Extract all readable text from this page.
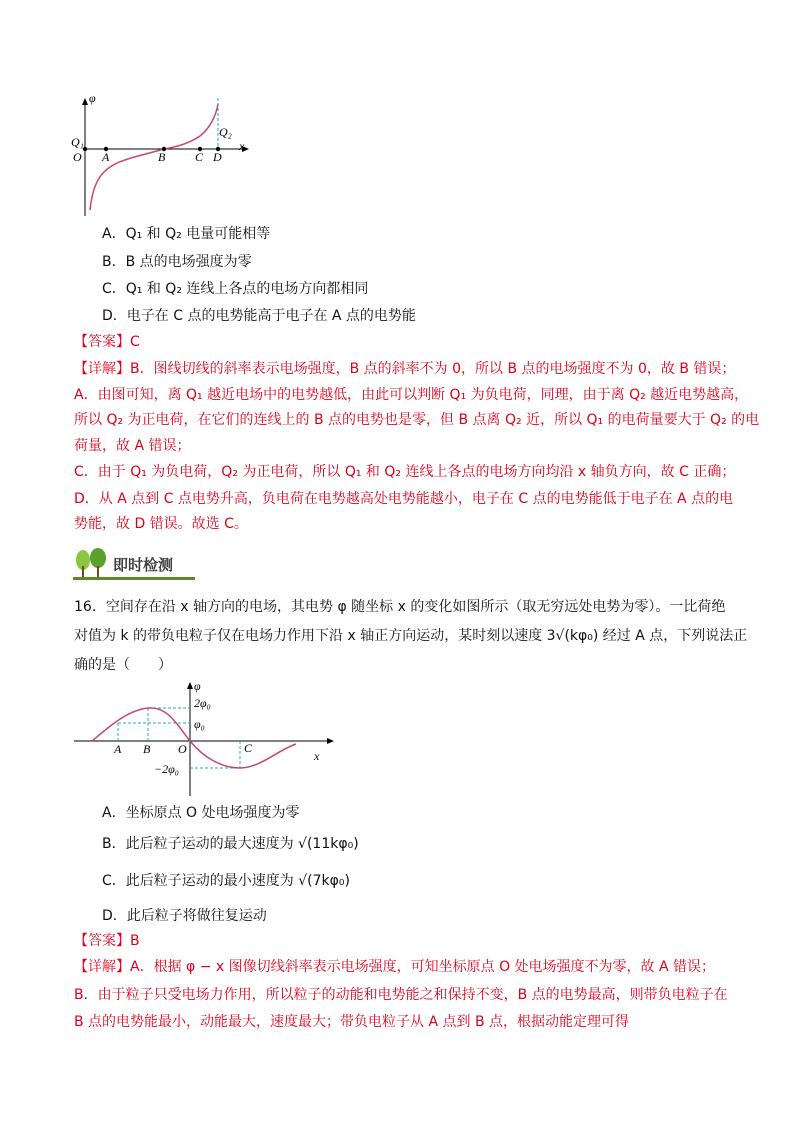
φ
Q₁
O A	B C D
Q₂
x
A．Q₁ 和 Q₂ 电量可能相等
B．B 点的电场强度为零
C．Q₁ 和 Q₂ 连线上各点的电场方向都相同
D．电子在 C 点的电势能高于电子在 A 点的电势能
【答案】C
【详解】B．图线切线的斜率表示电场强度，B 点的斜率不为 0，所以 B 点的电场强度不为 0，故 B 错误；
A．由图可知，离 Q₁ 越近电场中的电势越低，由此可以判断 Q₁ 为负电荷，同理，由于离 Q₂ 越近电势越高，
所以 Q₂ 为正电荷，在它们的连线上的 B 点的电势也是零，但 B 点离 Q₂ 近，所以 Q₁ 的电荷量要大于 Q₂ 的电
荷量，故 A 错误；
C．由于 Q₁ 为负电荷，Q₂ 为正电荷，所以 Q₁ 和 Q₂ 连线上各点的电场方向均沿 x 轴负方向，故 C 正确；
D．从 A 点到 C 点电势升高，负电荷在电势越高处电势能越小，电子在 C 点的电势能低于电子在 A 点的电
势能，故 D 错误。故选 C。
即时检测
16．空间存在沿 x 轴方向的电场，其电势 φ 随坐标 x 的变化如图所示（取无穷远处电势为零）。一比荷绝
对值为 k 的带负电粒子仅在电场力作用下沿 x 轴正方向运动，某时刻以速度 3√(kφ₀) 经过 A 点，下列说法正
确的是（　　）
φ
2φ₀
φ₀
A B O	C
x
−2φ₀
A．坐标原点 O 处电场强度为零
B．此后粒子运动的最大速度为 √(11kφ₀)
C．此后粒子运动的最小速度为 √(7kφ₀)
D．此后粒子将做往复运动
【答案】B
【详解】A．根据 φ − x 图像切线斜率表示电场强度，可知坐标原点 O 处电场强度不为零，故 A 错误；
B．由于粒子只受电场力作用，所以粒子的动能和电势能之和保持不变，B 点的电势最高，则带负电粒子在
B 点的电势能最小，动能最大，速度最大；带负电粒子从 A 点到 B 点，根据动能定理可得
